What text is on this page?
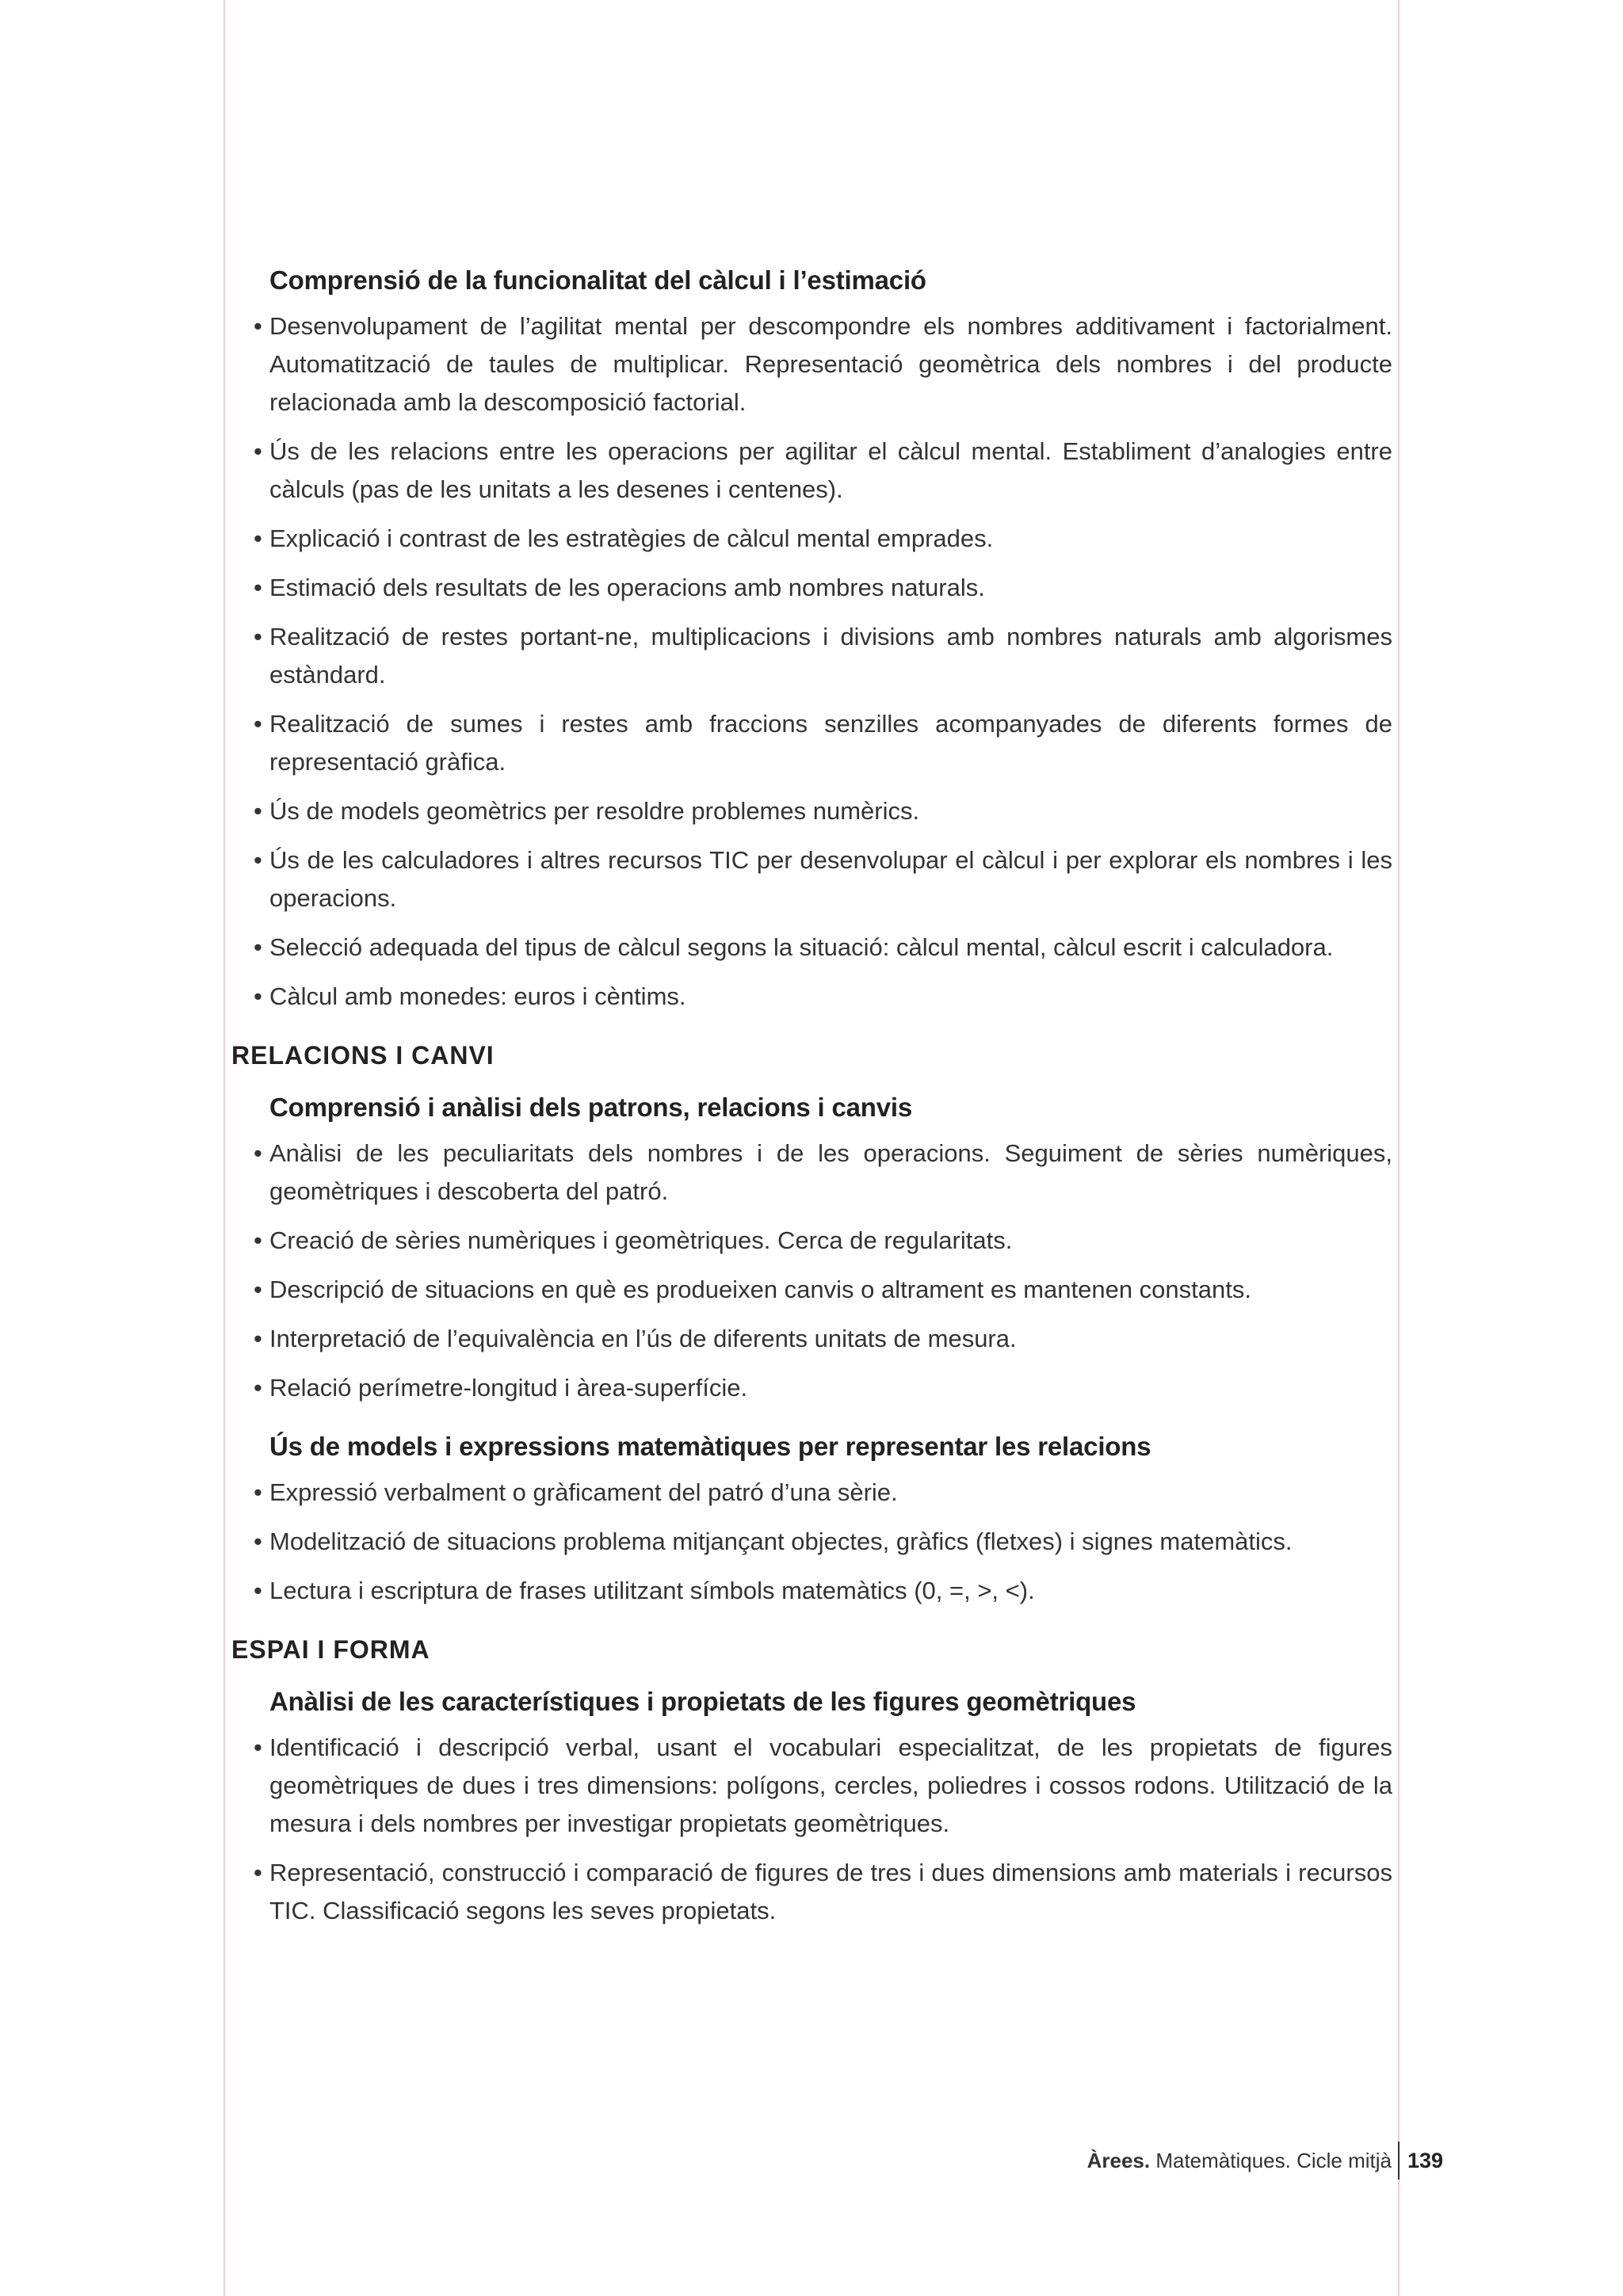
Comprensió de la funcionalitat del càlcul i l’estimació
• Desenvolupament de l’agilitat mental per descompondre els nombres additivament i factorialment. Automatització de taules de multiplicar. Representació geomètrica dels nombres i del producte relacionada amb la descomposició factorial.
• Ús de les relacions entre les operacions per agilitar el càlcul mental. Establiment d’analogies entre càlculs (pas de les unitats a les desenes i centenes).
• Explicació i contrast de les estratègies de càlcul mental emprades.
• Estimació dels resultats de les operacions amb nombres naturals.
• Realització de restes portant-ne, multiplicacions i divisions amb nombres naturals amb algorismes estàndard.
• Realització de sumes i restes amb fraccions senzilles acompanyades de diferents formes de representació gràfica.
• Ús de models geomètrics per resoldre problemes numèrics.
• Ús de les calculadores i altres recursos TIC per desenvolupar el càlcul i per explorar els nombres i les operacions.
• Selecció adequada del tipus de càlcul segons la situació: càlcul mental, càlcul escrit i calculadora.
• Càlcul amb monedes: euros i cèntims.
RELACIONS I CANVI
Comprensió i anàlisi dels patrons, relacions i canvis
• Anàlisi de les peculiaritats dels nombres i de les operacions. Seguiment de sèries numèriques, geomètriques i descoberta del patró.
• Creació de sèries numèriques i geomètriques. Cerca de regularitats.
• Descripció de situacions en què es produeixen canvis o altrament es mantenen constants.
• Interpretació de l’equivalència en l’ús de diferents unitats de mesura.
• Relació perímetre-longitud i àrea-superfície.
Ús de models i expressions matemàtiques per representar les relacions
• Expressió verbalment o gràficament del patró d’una sèrie.
• Modelització de situacions problema mitjançant objectes, gràfics (fletxes) i signes matemàtics.
• Lectura i escriptura de frases utilitzant símbols matemàtics (0, =, >, <).
ESPAI I FORMA
Anàlisi de les característiques i propietats de les figures geomètriques
• Identificació i descripció verbal, usant el vocabulari especialitzat, de les propietats de figures geomètriques de dues i tres dimensions: polígons, cercles, poliedres i cossos rodons. Utilització de la mesura i dels nombres per investigar propietats geomètriques.
• Representació, construcció i comparació de figures de tres i dues dimensions amb materials i recursos TIC. Classificació segons les seves propietats.
Àrees. Matemàtiques. Cicle mitjà 139
